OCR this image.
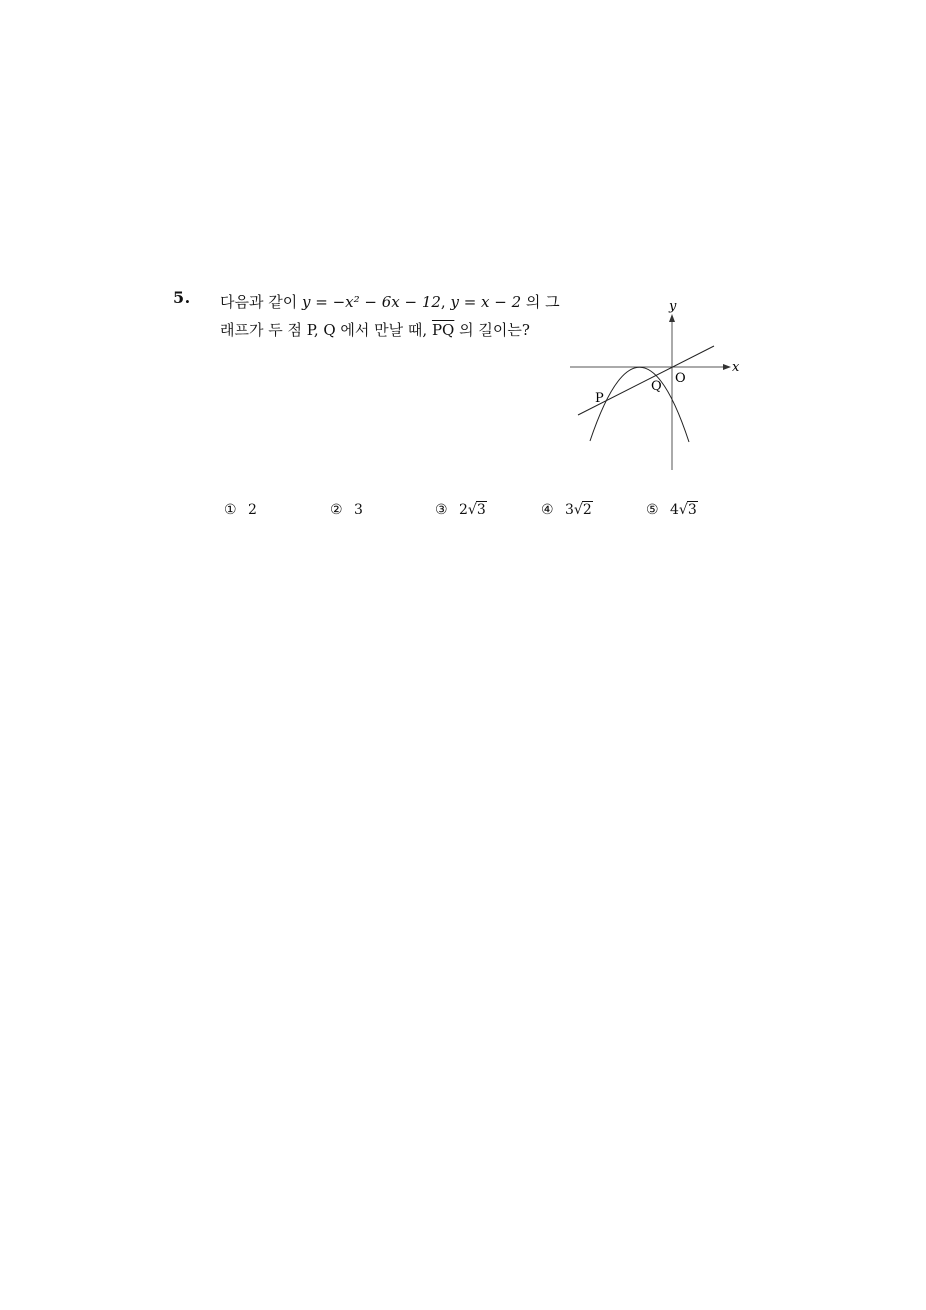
5. 다음과 같이 y = −x² − 6x − 12, y = x − 2 의 그
래프가 두 점 P, Q 에서 만날 때, $\overline{PQ}$ 의 길이는?
y
x
O
P
Q
① 2	② 3	③ 2√3	④ 3√2	⑤ 4√3
